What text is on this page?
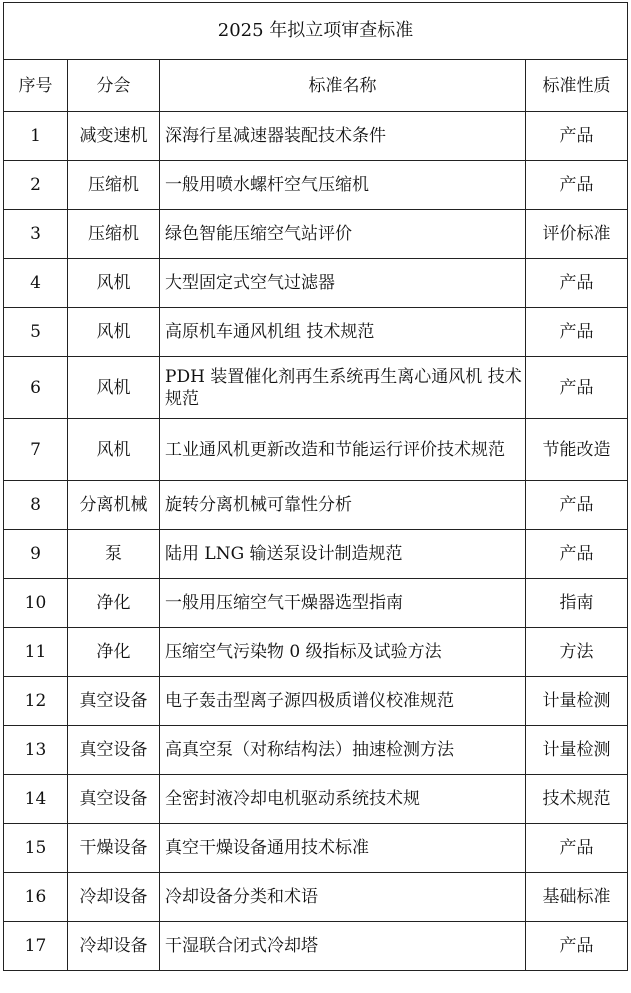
2025 年拟立项审查标准			
序号	分会	标准名称	标准性质
1	减变速机	深海行星减速器装配技术条件	产品
2	压缩机	一般用喷水螺杆空气压缩机	产品
3	压缩机	绿色智能压缩空气站评价	评价标准
4	风机	大型固定式空气过滤器	产品
5	风机	高原机车通风机组 技术规范	产品
6	风机	PDH 装置催化剂再生系统再生离心通风机 技术规范	产品
7	风机	工业通风机更新改造和节能运行评价技术规范	节能改造
8	分离机械	旋转分离机械可靠性分析	产品
9	泵	陆用 LNG 输送泵设计制造规范	产品
10	净化	一般用压缩空气干燥器选型指南	指南
11	净化	压缩空气污染物 0 级指标及试验方法	方法
12	真空设备	电子轰击型离子源四极质谱仪校准规范	计量检测
13	真空设备	高真空泵（对称结构法）抽速检测方法	计量检测
14	真空设备	全密封液冷却电机驱动系统技术规	技术规范
15	干燥设备	真空干燥设备通用技术标准	产品
16	冷却设备	冷却设备分类和术语	基础标准
17	冷却设备	干湿联合闭式冷却塔	产品
